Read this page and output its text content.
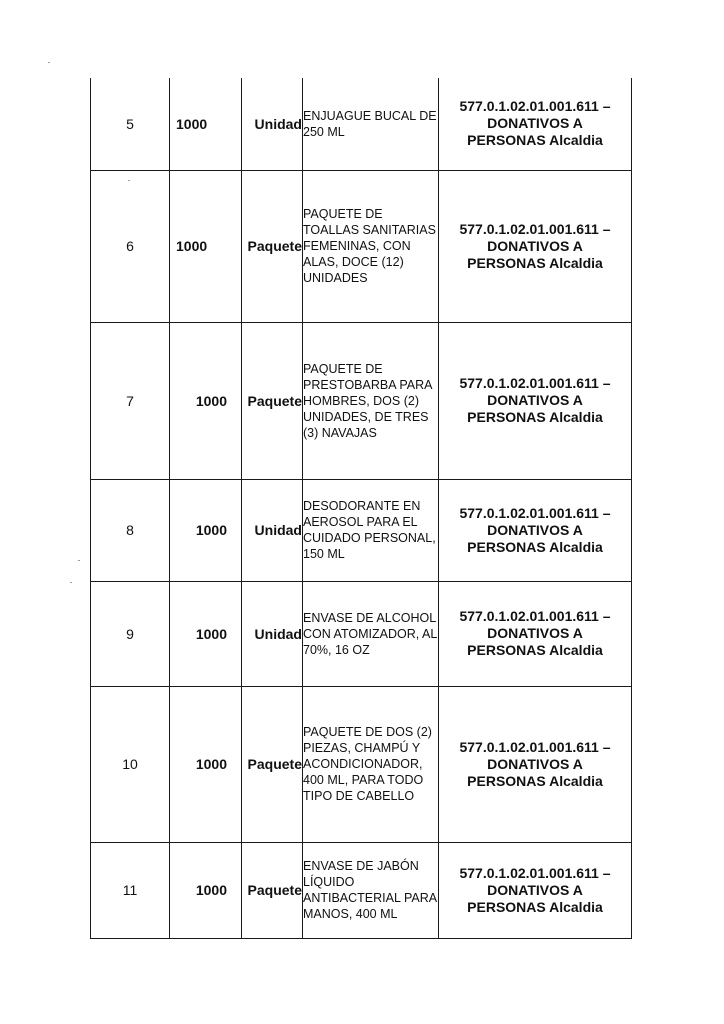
5	1000	Unidad	ENJUAGUE BUCAL DE 250 ML	577.0.1.02.01.001.611 –
DONATIVOS A
PERSONAS Alcaldia

6	1000	Paquete	PAQUETE DE TOALLAS SANITARIAS FEMENINAS, CON ALAS, DOCE (12) UNIDADES	577.0.1.02.01.001.611 –
DONATIVOS A
PERSONAS Alcaldia

7	1000	Paquete	PAQUETE DE PRESTOBARBA PARA HOMBRES, DOS (2) UNIDADES, DE TRES (3) NAVAJAS	577.0.1.02.01.001.611 –
DONATIVOS A
PERSONAS Alcaldia

8	1000	Unidad	DESODORANTE EN AEROSOL PARA EL CUIDADO PERSONAL, 150 ML	577.0.1.02.01.001.611 –
DONATIVOS A
PERSONAS Alcaldia

9	1000	Unidad	ENVASE DE ALCOHOL CON ATOMIZADOR, AL 70%, 16 OZ	577.0.1.02.01.001.611 –
DONATIVOS A
PERSONAS Alcaldia

10	1000	Paquete	PAQUETE DE DOS (2) PIEZAS, CHAMPÚ Y ACONDICIONADOR, 400 ML, PARA TODO TIPO DE CABELLO	577.0.1.02.01.001.611 –
DONATIVOS A
PERSONAS Alcaldia

11	1000	Paquete	ENVASE DE JABÓN LÍQUIDO ANTIBACTERIAL PARA MANOS, 400 ML	577.0.1.02.01.001.611 –
DONATIVOS A
PERSONAS Alcaldia
